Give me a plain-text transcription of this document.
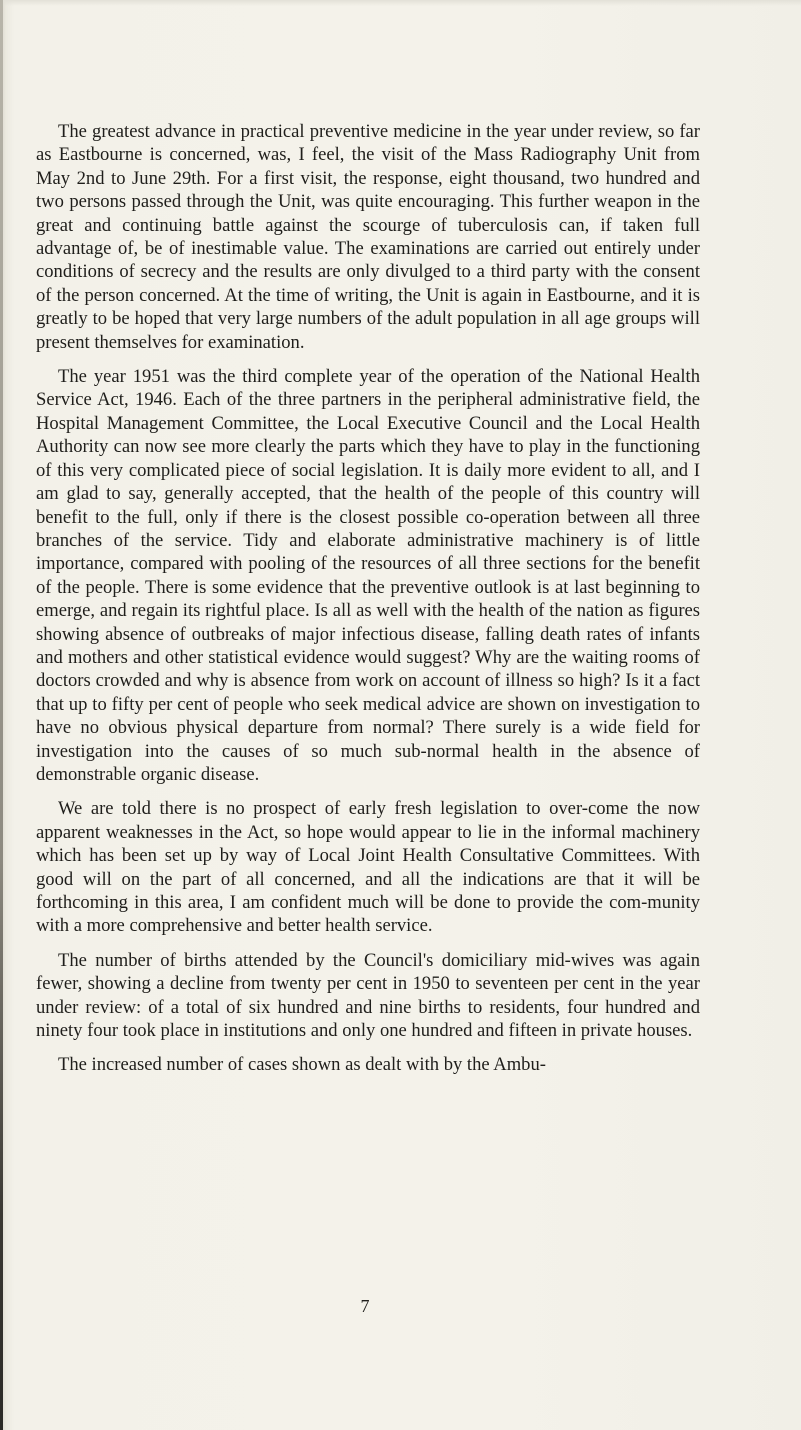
The greatest advance in practical preventive medicine in the year under review, so far as Eastbourne is concerned, was, I feel, the visit of the Mass Radiography Unit from May 2nd to June 29th. For a first visit, the response, eight thousand, two hundred and two persons passed through the Unit, was quite encouraging. This further weapon in the great and continuing battle against the scourge of tuberculosis can, if taken full advantage of, be of inestimable value. The examinations are carried out entirely under conditions of secrecy and the results are only divulged to a third party with the consent of the person concerned. At the time of writing, the Unit is again in Eastbourne, and it is greatly to be hoped that very large numbers of the adult population in all age groups will present themselves for examination.

The year 1951 was the third complete year of the operation of the National Health Service Act, 1946. Each of the three partners in the peripheral administrative field, the Hospital Management Committee, the Local Executive Council and the Local Health Authority can now see more clearly the parts which they have to play in the functioning of this very complicated piece of social legislation. It is daily more evident to all, and I am glad to say, generally accepted, that the health of the people of this country will benefit to the full, only if there is the closest possible co-operation between all three branches of the service. Tidy and elaborate administrative machinery is of little importance, compared with pooling of the resources of all three sections for the benefit of the people. There is some evidence that the preventive outlook is at last beginning to emerge, and regain its rightful place. Is all as well with the health of the nation as figures showing absence of outbreaks of major infectious disease, falling death rates of infants and mothers and other statistical evidence would suggest? Why are the waiting rooms of doctors crowded and why is absence from work on account of illness so high? Is it a fact that up to fifty per cent of people who seek medical advice are shown on investigation to have no obvious physical departure from normal? There surely is a wide field for investigation into the causes of so much sub-normal health in the absence of demonstrable organic disease.

We are told there is no prospect of early fresh legislation to over-come the now apparent weaknesses in the Act, so hope would appear to lie in the informal machinery which has been set up by way of Local Joint Health Consultative Committees. With good will on the part of all concerned, and all the indications are that it will be forthcoming in this area, I am confident much will be done to provide the com-munity with a more comprehensive and better health service.

The number of births attended by the Council's domiciliary mid-wives was again fewer, showing a decline from twenty per cent in 1950 to seventeen per cent in the year under review: of a total of six hundred and nine births to residents, four hundred and ninety four took place in institutions and only one hundred and fifteen in private houses.

The increased number of cases shown as dealt with by the Ambu-

7
